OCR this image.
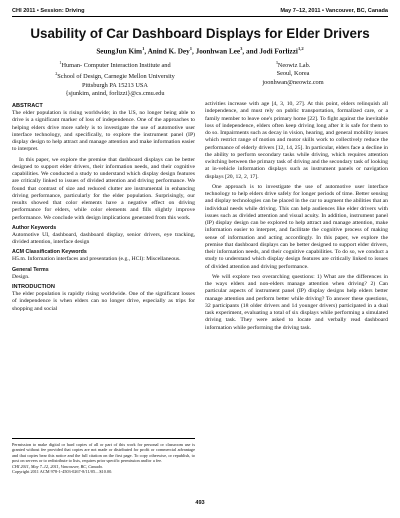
CHI 2011 • Session: Driving	May 7–12, 2011 • Vancouver, BC, Canada
Usability of Car Dashboard Displays for Elder Drivers
SeungJun Kim$^1$, Anind K. Dey$^1$, Joonhwan Lee$^3$, and Jodi Forlizzi$^{1,2}$
$^1$Human- Computer Interaction Institute and
$^2$School of Design, Carnegie Mellon University
Pittsburgh PA 15213 USA
{sjunkim, anind, forlizzi}@cs.cmu.edu
$^3$Neowiz Lab.
Seoul, Korea
joonhwan@neowiz.com
ABSTRACT

The elder population is rising worldwide; in the US, no longer being able to drive is a significant marker of loss of independence. One of the approaches to helping elders drive more safely is to investigate the use of automotive user interface technology, and specifically, to explore the instrument panel (IP) display design to help attract and manage attention and make information easier to interpret.

In this paper, we explore the premise that dashboard displays can be better designed to support elder drivers, their information needs, and their cognitive capabilities. We conducted a study to understand which display design features are critically linked to issues of divided attention and driving performance. We found that contrast of size and reduced clutter are instrumental in enhancing driving performance, particularly for the elder population. Surprisingly, our results showed that color elements have a negative effect on driving performance for elders, while color elements and fills slightly improve performance. We conclude with design implications generated from this work.

Author Keywords

Automotive UI, dashboard, dashboard display, senior drivers, eye tracking, divided attention, interface design

ACM Classification Keywords

H5.m. Information interfaces and presentation (e.g., HCI): Miscellaneous.

General Terms

Design.

INTRODUCTION

The elder population is rapidly rising worldwide. One of the significant losses of independence is when elders can no longer drive, especially as trips for shopping and social

Permission to make digital or hard copies of all or part of this work for personal or classroom use is granted without fee provided that copies are not made or distributed for profit or commercial advantage and that copies bear this notice and the full citation on the first page. To copy otherwise, or republish, to post on servers or to redistribute to lists, requires prior specific permission and/or a fee.

CHI 2011, May 7–12, 2011, Vancouver, BC, Canada.

Copyright 2011 ACM 978-1-4503-0267-8/11/05....$10.00.

activities increase with age [4, 3, 10, 27]. At this point, elders relinquish all independence, and must rely on public transportation, formalized care, or a family member to leave one's primary home [22]. To fight against the inevitable loss of independence, elders often keep driving long after it is safe for them to do so. Impairments such as decay in vision, hearing, and general mobility issues which restrict range of motion and motor skills work to collectively reduce the performance of elderly drivers [12, 14, 25]. In particular, elders face a decline in the ability to perform secondary tasks while driving, which requires attention switching between the primary task of driving and the secondary task of looking at in-vehicle information displays such as instrument panels or navigation displays [20, 12, 2, 17].

One approach is to investigate the use of automotive user interface technology to help elders drive safely for longer periods of time. Better sensing and display technologies can be placed in the car to augment the abilities that an individual needs while driving. This can help audiences like elder drivers with issues such as divided attention and visual acuity. In addition, instrument panel (IP) display design can be explored to help attract and manage attention, make information easier to interpret, and facilitate the cognitive process of making sense of information and acting accordingly. In this paper, we explore the premise that dashboard displays can be better designed to support elder drivers, their information needs, and their cognitive capabilities. To do so, we conduct a study to understand which display design features are critically linked to issues of divided attention and driving performance.

We will explore two overarching questions: 1) What are the differences in the ways elders and non-elders manage attention when driving? 2) Can particular aspects of instrument panel (IP) display designs help elders better manage attention and perform better while driving? To answer these questions, 32 participants (18 older drivers and 14 younger drivers) participated in a dual task experiment, evaluating a total of six displays while performing a simulated driving task. They were asked to locate and verbally read dashboard information while performing the driving task.

493
